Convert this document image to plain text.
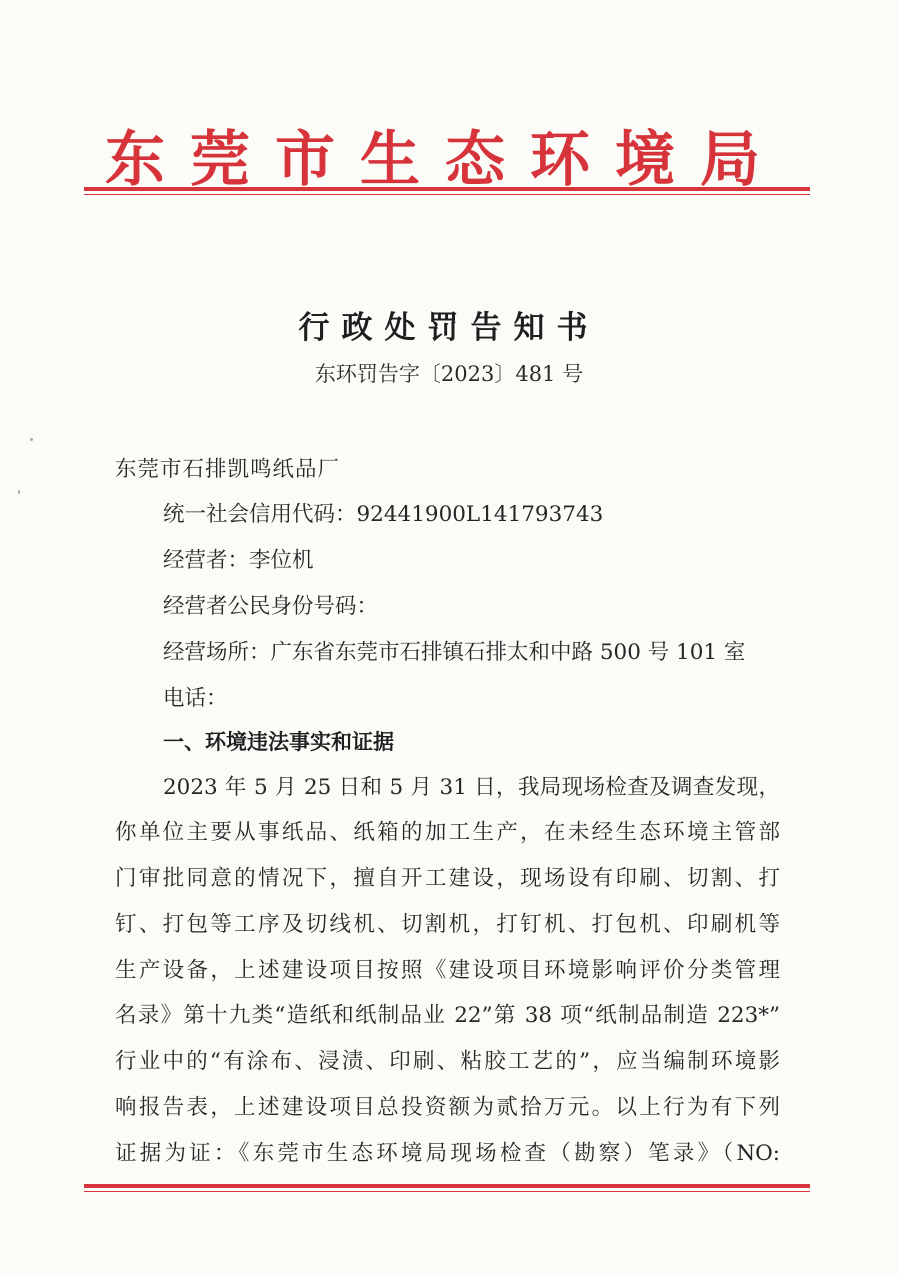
东莞市生态环境局
行政处罚告知书
东环罚告字〔2023〕481 号
东莞市石排凯鸣纸品厂
统一社会信用代码：92441900L141793743
经营者：李位机
经营者公民身份号码：
经营场所：广东省东莞市石排镇石排太和中路 500 号 101 室
电话：
一、环境违法事实和证据
2023 年 5 月 25 日和 5 月 31 日，我局现场检查及调查发现，
你单位主要从事纸品、纸箱的加工生产，在未经生态环境主管部
门审批同意的情况下，擅自开工建设，现场设有印刷、切割、打
钉、打包等工序及切线机、切割机，打钉机、打包机、印刷机等
生产设备，上述建设项目按照《建设项目环境影响评价分类管理
名录》第十九类“造纸和纸制品业 22”第 38 项“纸制品制造 223*”
行业中的“有涂布、浸渍、印刷、粘胶工艺的”，应当编制环境影
响报告表，上述建设项目总投资额为贰拾万元。以上行为有下列
证据为证：《东莞市生态环境局现场检查（勘察）笔录》（NO:
